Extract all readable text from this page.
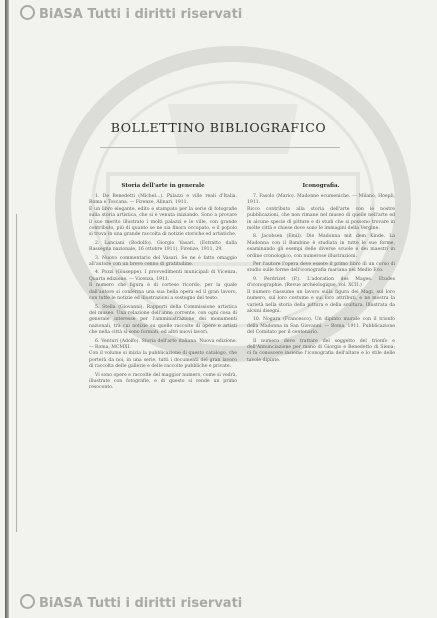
BiASA Tutti i diritti riservati
BOLLETTINO BIBLIOGRAFICO
Storia dell'arte in generale

1. De Benedetti (Michel...). Palazzi e ville reali d'Italia. Roma e Toscana. — Firenze, Alinari, 1911.
E un libro elegante, edito e stampato per la serie di fotografie sulla storia artistica, che si è venuta iniziando. Sono a provare il suo merito illustrato i molti palazzi e le ville, con grande contributo, più di quanto se ne sia finora occupato, e il popolo si trova in una grande raccolta di notizie storiche ed artistiche.

2. Lanciani (Rodolfo). Giorgio Vasari. (Estratto dalla Rassegna nazionale, 16 ottobre 1911). Firenze, 1911, 29.

3. Nuovo commentario del Vasari. Se ne è fatto omaggio all'autore con un breve cenno di gratitudine.

4. Pozzi (Giuseppe). I provvedimenti municipali di Vicenza. Quarta edizione. — Vicenza, 1911.
Il numero che figura è di cortese ricordo, per la quale dall'autore si conferma una sua bella opera ed il gran lavoro, con tutte le notizie ed illustrazioni a sostegno del testo.

5. Stella (Giovanni). Rapporti della Commissione artistica del museo. Una relazione dell'anno corrente, con ogni cosa di generale interesse per l'amministrazione dei monumenti nazionali, tra cui notizie su quelle raccolte di opere e artisti che nella città si sono formati, ed altri nuovi lavori.

6. Venturi (Adolfo). Storia dell'arte italiana. Nuova edizione. — Roma, MCMXI.
Con il volume si inizia la pubblicazione di questo catalogo, che porterà da noi, in una serie, tutti i documenti del gran lavoro di raccolta delle gallerie e delle raccolte pubbliche e private.

Vi sono opere e raccolte del maggior numero, come si vedrà, illustrate con fotografie, e di questo si rende un primo resoconto.

Iconografia.

7. Fasolo (Mario). Madonne ecumeniche. — Milano, Hoepli, 1911.
Ricco contributo alla storia dell'arte con le nostre pubblicazioni, che non rimane nel museo di quelle nell'arte ed in alcune specie di pitture e di studi che si possono trovare in molte città e chiese dove sono le immagini della Vergine.

8. Jacobsen (Emil). Die Madonna mit dem Kinde. La Madonna con il Bambino è studiata in tutte le sue forme, esaminando gli esempi delle diverse scuole e dei maestri in ordine cronologico, con numerose illustrazioni.

Per l'autore l'opera deve essere il primo libro di un corso di studio sulle forme dell'iconografia mariana nel Medio Evo.

9. Perdrizet (P.). L'adoration des Mages. Etudes d'iconographie. (Revue archéologique, vol. XCII.)
Il numero riassume un lavoro sulla figura dei Magi, sul loro numero, sul loro costume e sui loro attributi, e ne mostra la varietà nella storia della pittura e della scultura. Illustrata da alcuni disegni.

10. Nogara (Francesco). Un dipinto murale con il trionfo della Madonna in San Giovanni. — Roma, 1911. Pubblicazione del Comitato per il centenario.

Il numero deve trattare del soggetto del trionfo e dell'Annunciazione per mano di Giorgio e Benedetto di Siena; ci fa conoscere insieme l'iconografia dell'altare e lo stile delle tavole dipinte.

BiASA Tutti i diritti riservati
